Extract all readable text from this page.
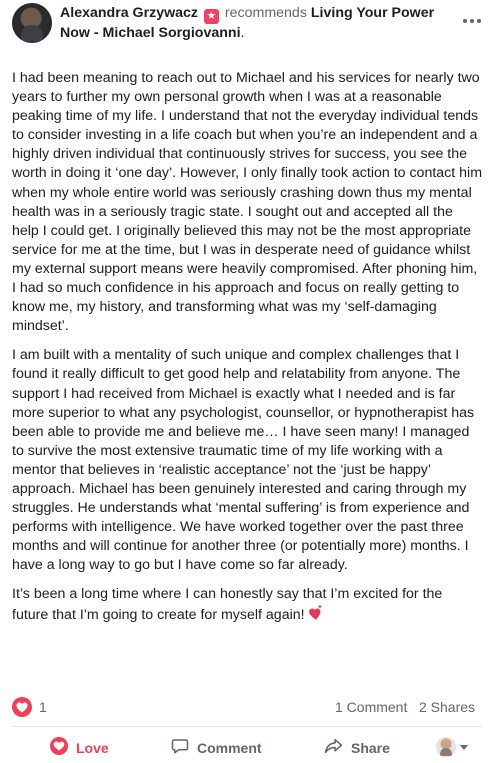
Alexandra Grzywacz ★ recommends Living Your Power Now - Michael Sorgiovanni.

I had been meaning to reach out to Michael and his services for nearly two years to further my own personal growth when I was at a reasonable peaking time of my life. I understand that not the everyday individual tends to consider investing in a life coach but when you’re an independent and a highly driven individual that continuously strives for success, you see the worth in doing it ‘one day’. However, I only finally took action to contact him when my whole entire world was seriously crashing down thus my mental health was in a seriously tragic state. I sought out and accepted all the help I could get. I originally believed this may not be the most appropriate service for me at the time, but I was in desperate need of guidance whilst my external support means were heavily compromised. After phoning him, I had so much confidence in his approach and focus on really getting to know me, my history, and transforming what was my ‘self-damaging mindset’.

I am built with a mentality of such unique and complex challenges that I found it really difficult to get good help and relatability from anyone. The support I had received from Michael is exactly what I needed and is far more superior to what any psychologist, counsellor, or hypnotherapist has been able to provide me and believe me… I have seen many! I managed to survive the most extensive traumatic time of my life working with a mentor that believes in ‘realistic acceptance’ not the ‘just be happy’ approach. Michael has been genuinely interested and caring through my struggles. He understands what ‘mental suffering’ is from experience and performs with intelligence. We have worked together over the past three months and will continue for another three (or potentially more) months. I have a long way to go but I have come so far already.

It’s been a long time where I can honestly say that I’m excited for the future that I’m going to create for myself again!

1	1 Comment 2 Shares
Love	Comment	Share
